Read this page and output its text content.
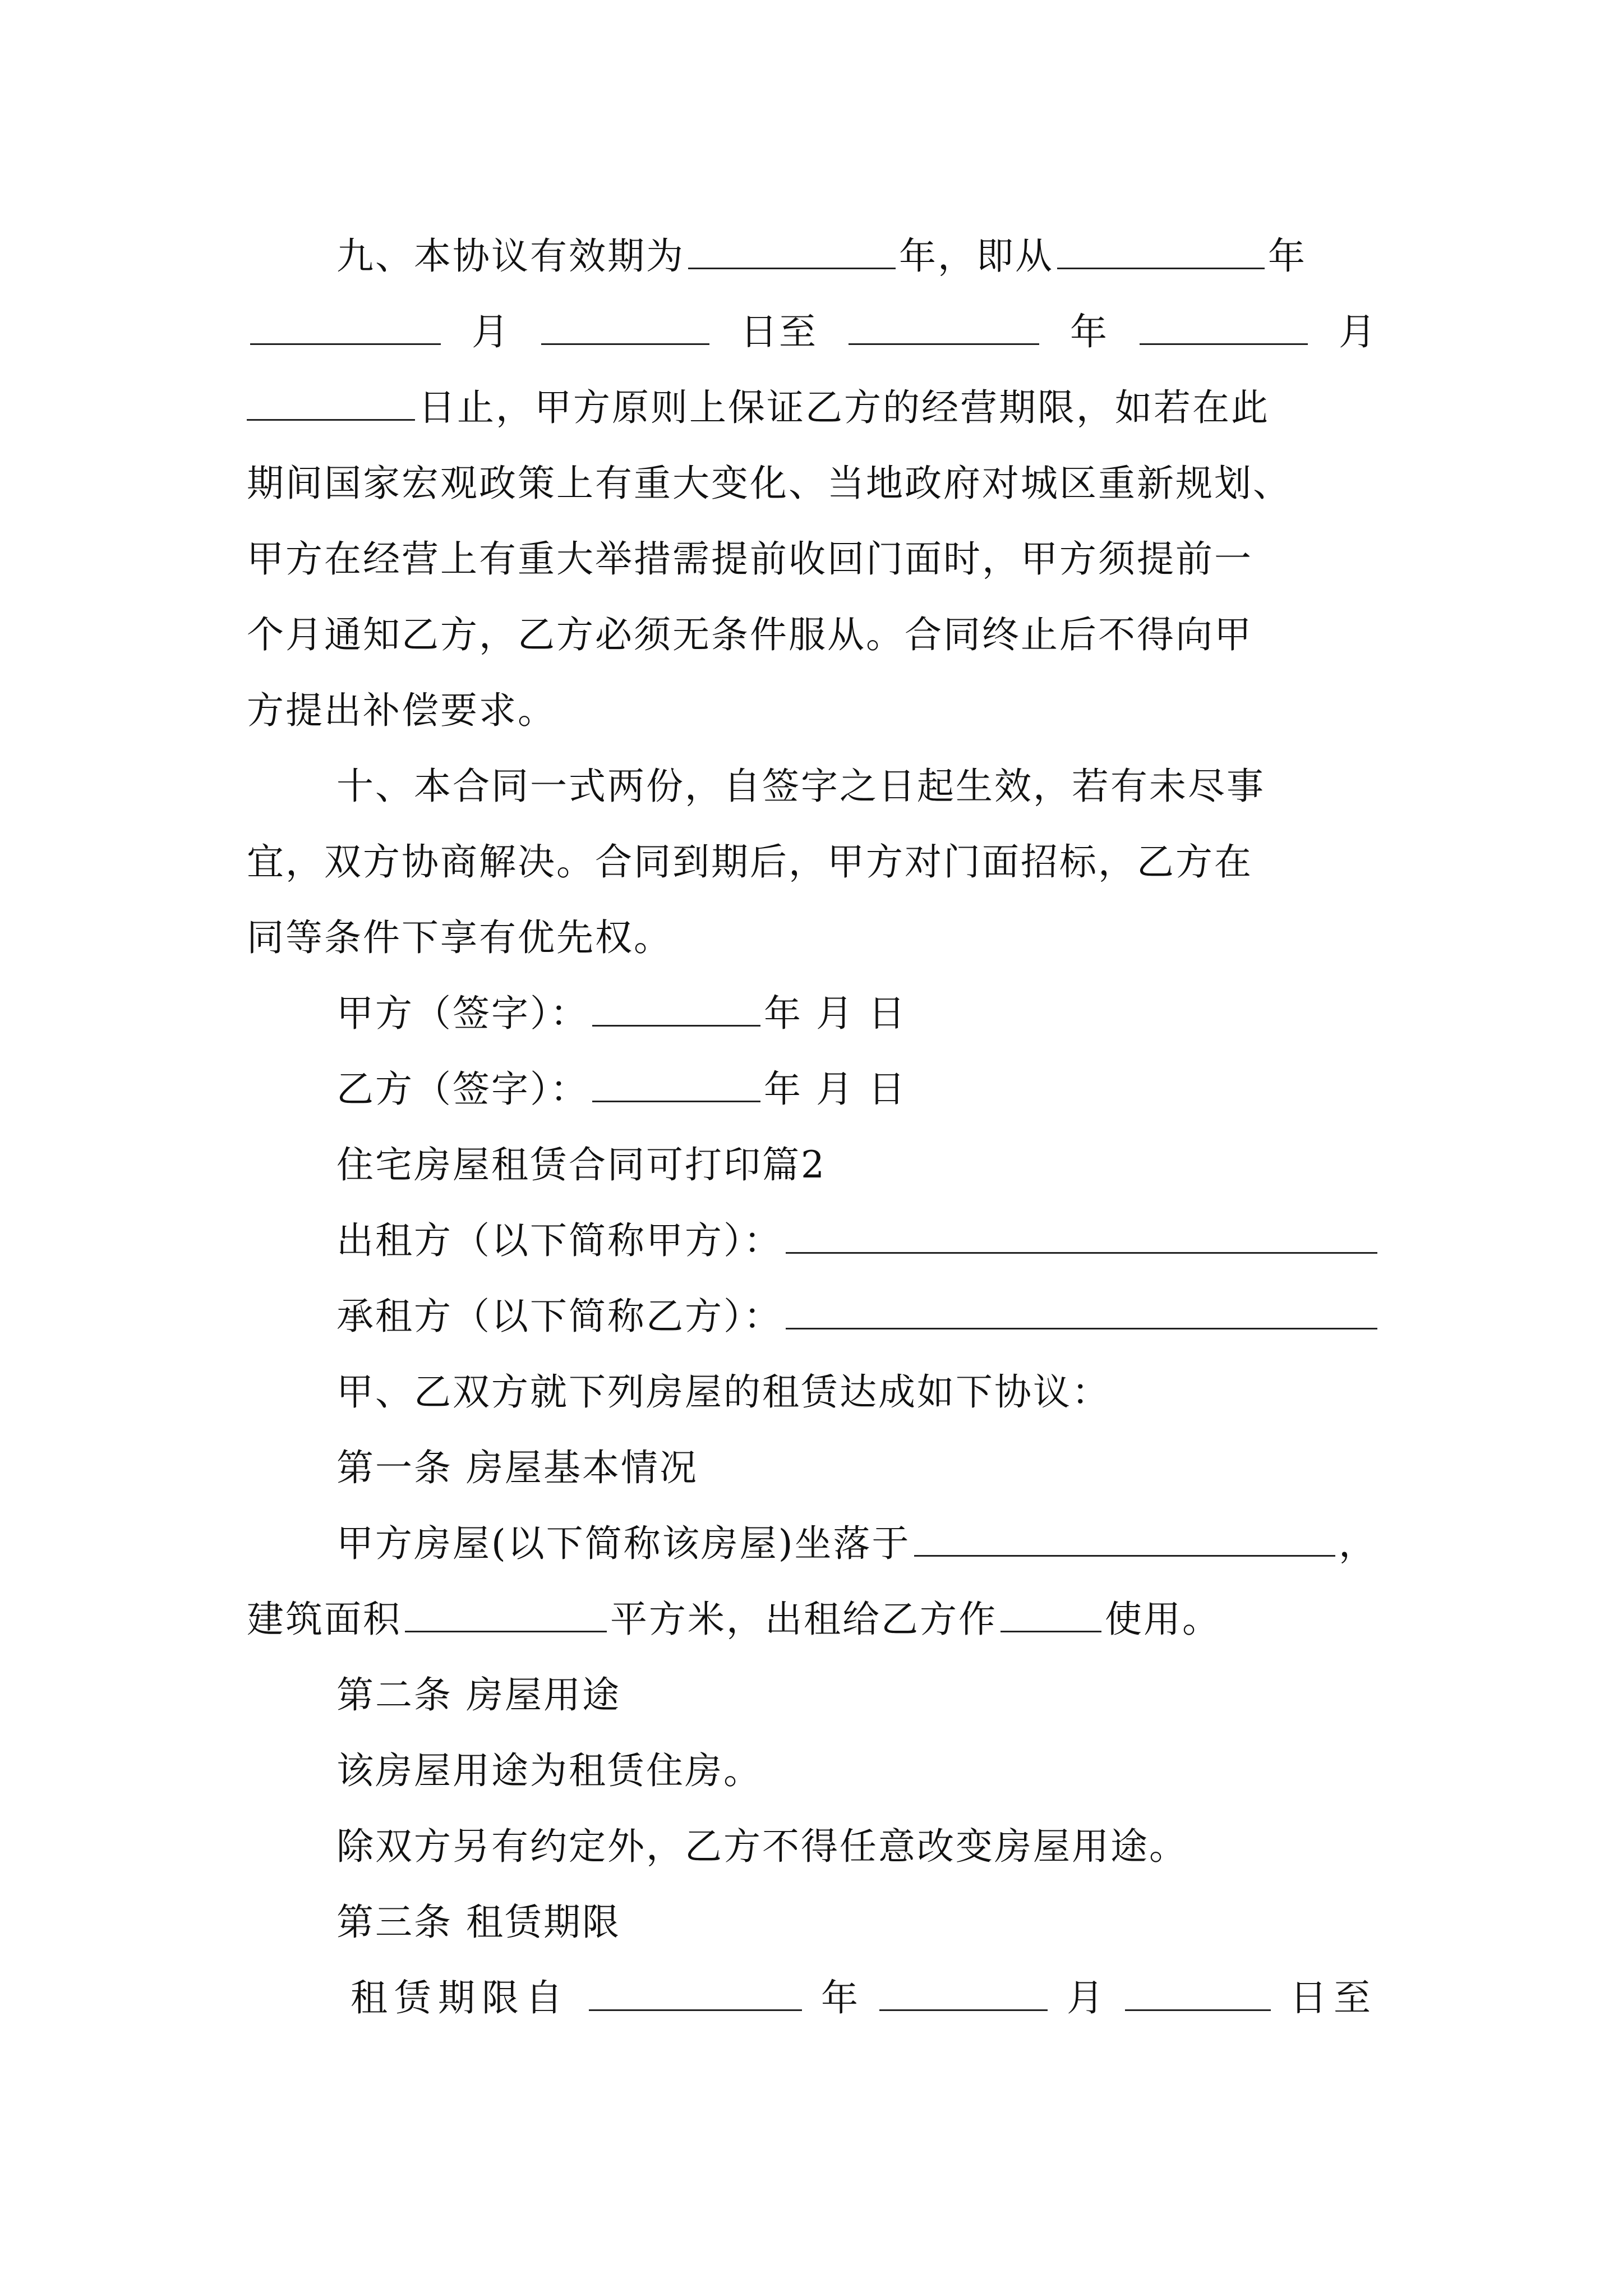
九、本协议有效期为	年，即从	年
月	日至	年	月
日止，甲方原则上保证乙方的经营期限，如若在此
期间国家宏观政策上有重大变化、当地政府对城区重新规划、
甲方在经营上有重大举措需提前收回门面时，甲方须提前一
个月通知乙方，乙方必须无条件服从。合同终止后不得向甲
方提出补偿要求。
十、本合同一式两份，自签字之日起生效，若有未尽事
宜，双方协商解决。合同到期后，甲方对门面招标，乙方在
同等条件下享有优先权。
甲方（签字）：	年 月 日
乙方（签字）：	年 月 日
住宅房屋租赁合同可打印篇2
出租方（以下简称甲方）：
承租方（以下简称乙方）：
甲、乙双方就下列房屋的租赁达成如下协议：
第一条 房屋基本情况
甲方房屋(以下简称该房屋)坐落于	，
建筑面积	平方米，出租给乙方作	使用。
第二条 房屋用途
该房屋用途为租赁住房。
除双方另有约定外，乙方不得任意改变房屋用途。
第三条 租赁期限
租赁期限自	年	月	日至
